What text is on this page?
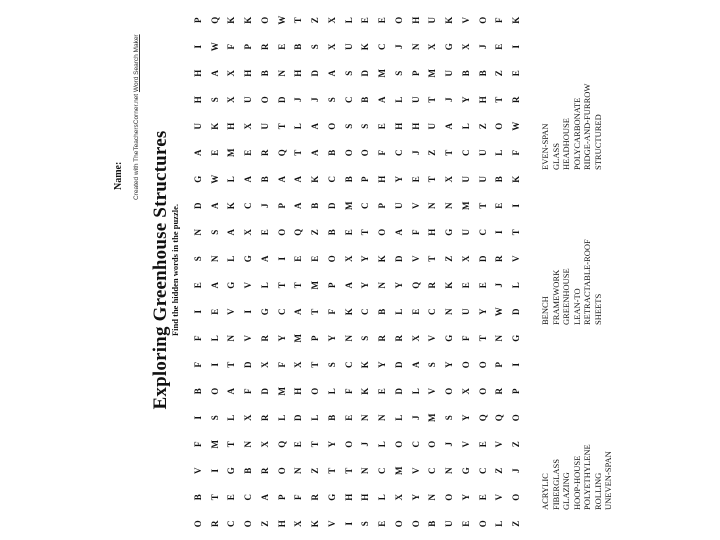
Name: Created with TheTeachersCorner.net Word Search Maker
Exploring Greenhouse Structures Find the hidden words in the puzzle.
O
B
V
F
I
B
F
F
I
E
S
N
D
G
A
U
H
H
I
P
R
T
I
M
S
O
I
L
E
A
N
S
A
W
E
K
S
A
W
Q
C
E
G
T
L
A
T
N
V
G
L
A
K
L
M
H
X
X
F
K
O
C
B
N
X
F
D
V
I
V
G
X
C
A
E
X
U
H
P
K
Z
A
R
X
R
D
X
R
G
L
A
E
J
B
R
U
O
B
R
O
H
P
O
Q
L
M
F
Y
C
T
I
O
P
A
Q
T
D
N
E
W
X
F
N
E
D
H
X
M
A
T
E
Q
A
A
T
L
J
H
B
T
K
R
Z
T
L
O
T
P
T
M
E
Z
B
K
A
A
J
D
S
Z
V
G
T
Y
B
L
S
Y
F
P
O
B
D
C
B
O
S
A
X
X
I
H
T
O
E
F
C
N
K
A
X
E
M
B
O
S
C
S
U
L
S
H
N
J
N
K
K
S
C
Y
Y
T
C
P
O
S
B
D
K
E
E
L
C
L
N
E
Y
R
B
N
K
O
P
H
F
E
A
M
C
E
O
X
M
O
L
D
D
R
L
Y
D
A
U
Y
C
H
L
S
J
O
O
Y
V
C
J
L
A
X
E
Q
V
F
V
E
J
H
U
P
N
H
B
N
C
O
M
V
S
V
C
R
T
H
N
T
Z
U
T
M
X
U
U
O
N
J
S
O
Y
G
N
K
Z
G
N
X
T
A
J
U
G
K
E
Y
G
V
Y
X
O
F
U
E
X
U
M
U
C
L
Y
B
X
V
O
E
C
E
Q
O
O
T
Y
E
D
C
T
U
U
Z
H
B
J
O
L
V
Z
V
Q
R
P
N
W
J
R
I
E
B
L
O
T
Z
E
F
Z
O
J
Z
O
P
I
G
D
L
V
T
I
K
F
W
R
E
I
K
ACRYLIC FIBERGLASS GLAZING HOOP-HOUSE POLYETHYLENE ROLLING UNEVEN-SPAN
BENCH FRAMEWORK GREENHOUSE LEAN-TO RETRACTABLE-ROOF SHEETS
EVEN-SPAN GLASS HEADHOUSE POLYCARBONATE RIDGE-AND-FURROW STRUCTURED
